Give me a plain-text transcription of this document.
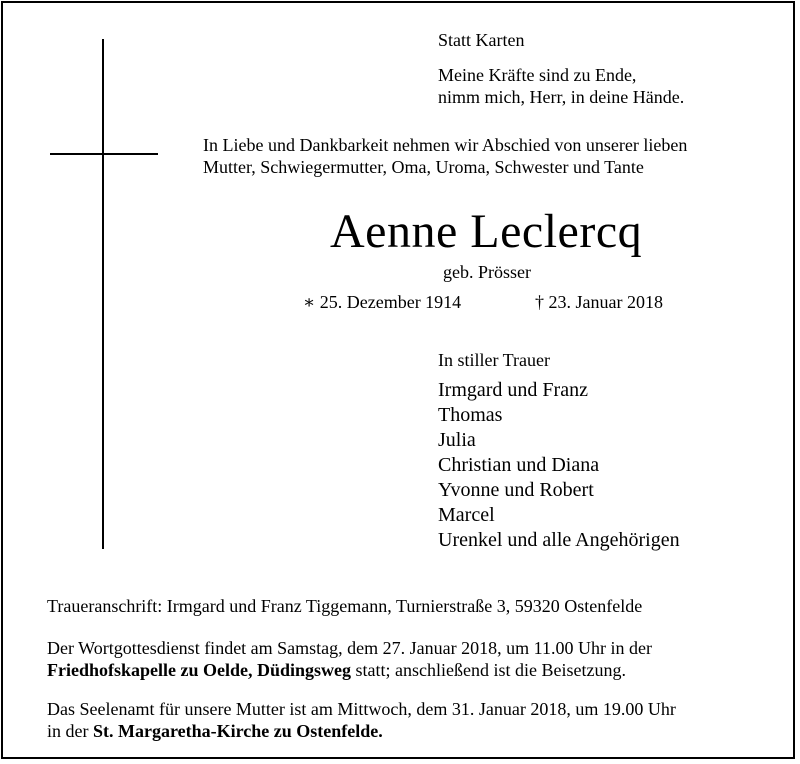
Statt Karten
Meine Kräfte sind zu Ende,
nimm mich, Herr, in deine Hände.
In Liebe und Dankbarkeit nehmen wir Abschied von unserer lieben
Mutter, Schwiegermutter, Oma, Uroma, Schwester und Tante
Aenne Leclercq
geb. Prösser
∗ 25. Dezember 1914	† 23. Januar 2018
In stiller Trauer
Irmgard und Franz
Thomas
Julia
Christian und Diana
Yvonne und Robert
Marcel
Urenkel und alle Angehörigen
Traueranschrift: Irmgard und Franz Tiggemann, Turnierstraße 3, 59320 Ostenfelde
Der Wortgottesdienst findet am Samstag, dem 27. Januar 2018, um 11.00 Uhr in der
Friedhofskapelle zu Oelde, Düdingsweg statt; anschließend ist die Beisetzung.
Das Seelenamt für unsere Mutter ist am Mittwoch, dem 31. Januar 2018, um 19.00 Uhr
in der St. Margaretha-Kirche zu Ostenfelde.
